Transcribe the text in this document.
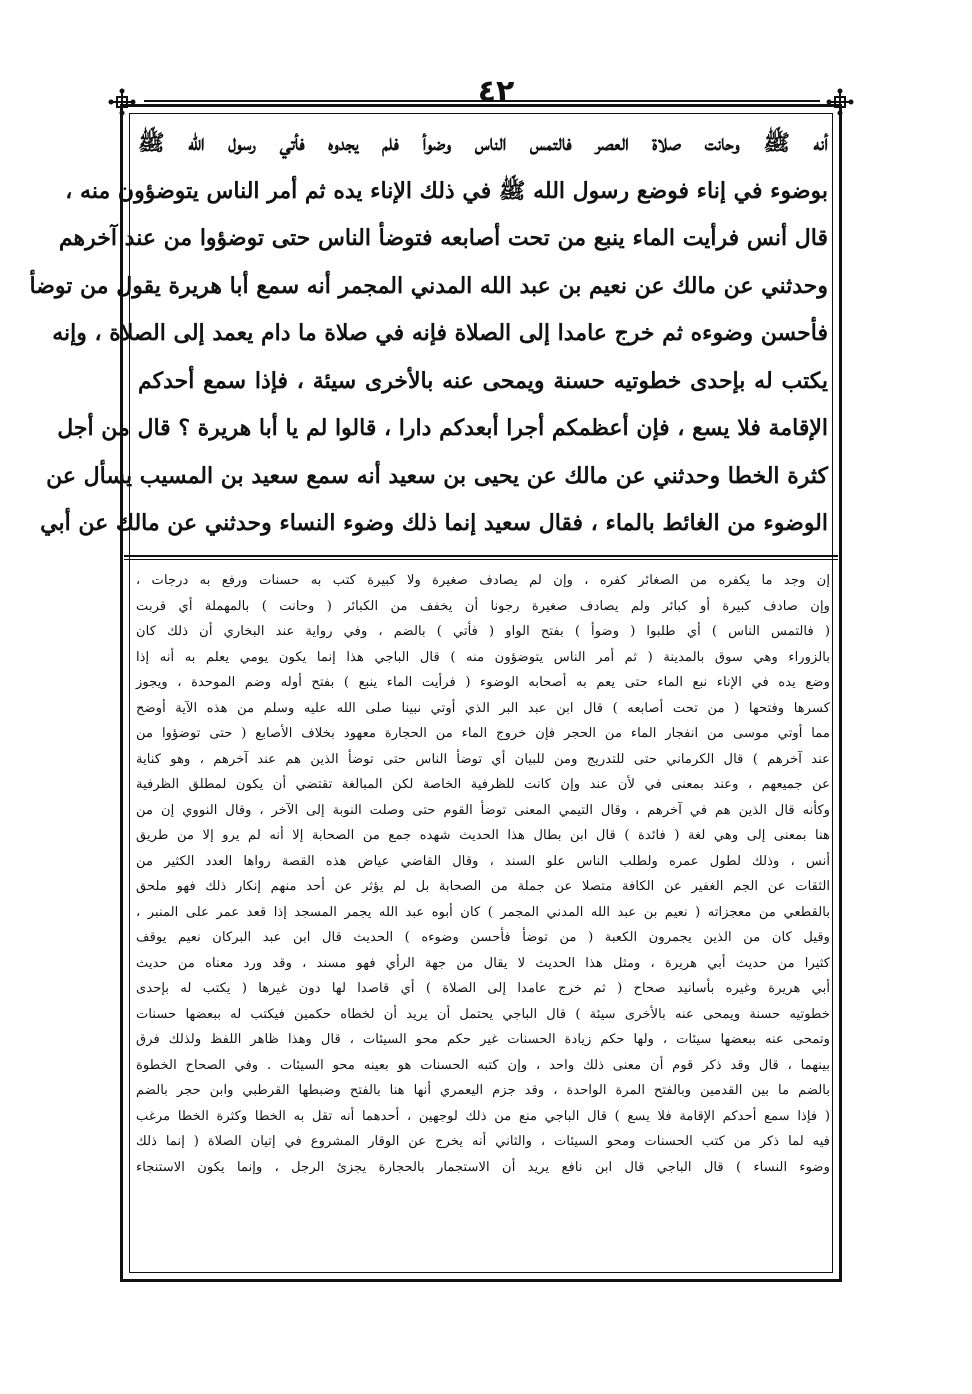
٤٢
أنه ﷺ وحانت صلاة العصر فالتمس الناس وضوأ فلم يجدوه فأتي رسول الله ﷺ
بوضوء في إناء فوضع رسول الله ﷺ في ذلك الإناء يده ثم أمر الناس يتوضؤون منه ،
قال أنس فرأيت الماء ينبع من تحت أصابعه فتوضأ الناس حتى توضؤوا من عند آخرهم
وحدثني عن مالك عن نعيم بن عبد الله المدني المجمر أنه سمع أبا هريرة يقول من توضأ
فأحسن وضوءه ثم خرج عامدا إلى الصلاة فإنه في صلاة ما دام يعمد إلى الصلاة ، وإنه
يكتب له بإحدى خطوتيه حسنة ويمحى عنه بالأخرى سيئة ، فإذا سمع أحدكم
الإقامة فلا يسع ، فإن أعظمكم أجرا أبعدكم دارا ، قالوا لم يا أبا هريرة ؟ قال من أجل
كثرة الخطا وحدثني عن مالك عن يحيى بن سعيد أنه سمع سعيد بن المسيب يسأل عن
الوضوء من الغائط بالماء ، فقال سعيد إنما ذلك وضوء النساء وحدثني عن مالك عن أبي
إن وجد ما يكفره من الصغائر كفره ، وإن لم يصادف صغيرة ولا كبيرة كتب به حسنات ورفع به درجات ،
وإن صادف كبيرة أو كبائر ولم يصادف صغيرة رجونا أن يخفف من الكبائر ( وحانت ) بالمهملة أي قربت
( فالتمس الناس ) أي طلبوا ( وضوأ ) بفتح الواو ( فأتي ) بالضم ، وفي رواية عند البخاري أن ذلك كان
بالزوراء وهي سوق بالمدينة ( ثم أمر الناس يتوضؤون منه ) قال الباجي هذا إنما يكون يومي يعلم به أنه إذا
وضع يده في الإناء نبع الماء حتى يعم به أصحابه الوضوء ( فرأيت الماء ينبع ) بفتح أوله وضم الموحدة ، ويجوز
كسرها وفتحها ( من تحت أصابعه ) قال ابن عبد البر الذي أوتي نبينا صلى الله عليه وسلم من هذه الآية أوضح
مما أوتي موسى من انفجار الماء من الحجر فإن خروج الماء من الحجارة معهود بخلاف الأصابع ( حتى توضؤوا من
عند آخرهم ) قال الكرماني حتى للتدريج ومن للبيان أي توضأ الناس حتى توضأ الذين هم عند آخرهم ، وهو كناية
عن جميعهم ، وعند بمعنى في لأن عند وإن كانت للظرفية الخاصة لكن المبالغة تقتضي أن يكون لمطلق الظرفية
وكأنه قال الذين هم في آخرهم ، وقال التيمي المعنى توضأ القوم حتى وصلت النوبة إلى الآخر ، وقال النووي إن من
هنا بمعنى إلى وهي لغة ( فائدة ) قال ابن بطال هذا الحديث شهده جمع من الصحابة إلا أنه لم يرو إلا من طريق
أنس ، وذلك لطول عمره ولطلب الناس علو السند ، وقال القاضي عياض هذه القصة رواها العدد الكثير من
الثقات عن الجم الغفير عن الكافة متصلا عن جملة من الصحابة بل لم يؤثر عن أحد منهم إنكار ذلك فهو ملحق
بالقطعي من معجزاته ( نعيم بن عبد الله المدني المجمر ) كان أبوه عبد الله يجمر المسجد إذا قعد عمر على المنبر ،
وقيل كان من الذين يجمرون الكعبة ( من توضأ فأحسن وضوءه ) الحديث قال ابن عبد البركان نعيم يوقف
كثيرا من حديث أبي هريرة ، ومثل هذا الحديث لا يقال من جهة الرأي فهو مسند ، وقد ورد معناه من حديث
أبي هريرة وغيره بأسانيد صحاح ( ثم خرج عامدا إلى الصلاة ) أي قاصدا لها دون غيرها ( يكتب له بإحدى
خطوتيه حسنة ويمحى عنه بالأخرى سيئة ) قال الباجي يحتمل أن يريد أن لخطاه حكمين فيكتب له ببعضها حسنات
وتمحى عنه ببعضها سيئات ، ولها حكم زيادة الحسنات غير حكم محو السيئات ، قال وهذا ظاهر اللفظ ولذلك فرق
بينهما ، قال وقد ذكر قوم أن معنى ذلك واحد ، وإن كتبه الحسنات هو بعينه محو السيئات . وفي الصحاح الخطوة
بالضم ما بين القدمين وبالفتح المرة الواحدة ، وقد جزم اليعمري أنها هنا بالفتح وضبطها القرطبي وابن حجر بالضم
( فإذا سمع أحدكم الإقامة فلا يسع ) قال الباجي منع من ذلك لوجهين ، أحدهما أنه تقل به الخطا وكثرة الخطا مرغب
فيه لما ذكر من كتب الحسنات ومحو السيئات ، والثاني أنه يخرج عن الوقار المشروع في إتيان الصلاة ( إنما ذلك
وضوء النساء ) قال الباجي قال ابن نافع يريد أن الاستجمار بالحجارة يجزئ الرجل ، وإنما يكون الاستنجاء
